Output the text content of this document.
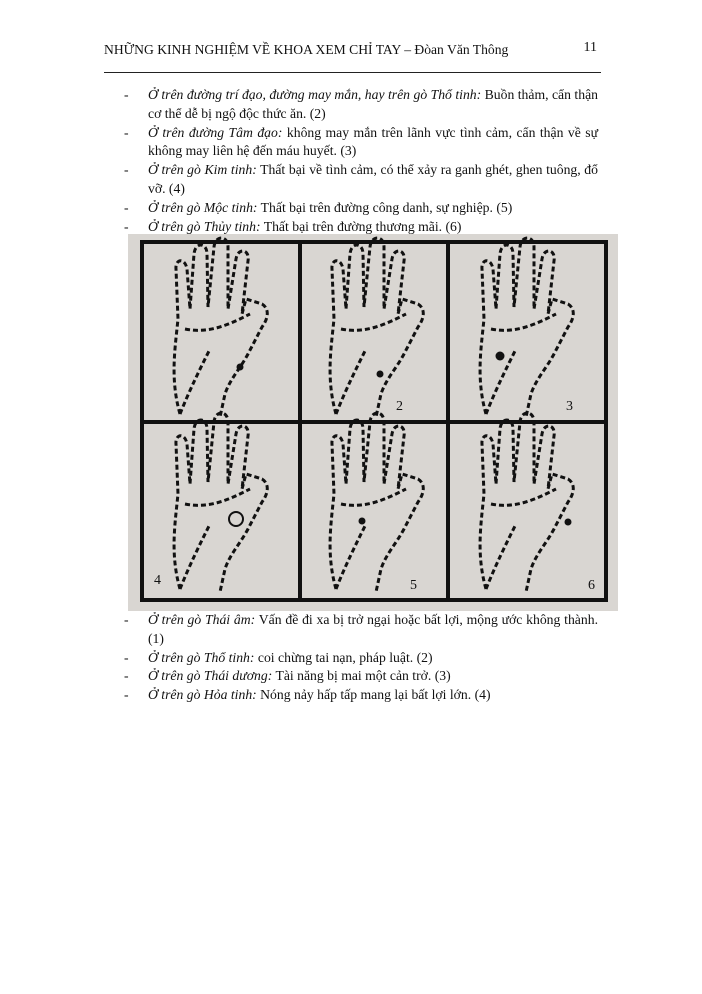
NHỮNG KINH NGHIỆM VỀ KHOA XEM CHỈ TAY – Đòan Văn Thông	11
- Ở trên đường trí đạo, đường may mắn, hay trên gò Thổ tinh: Buồn thảm, cẩn thận cơ thể dễ bị ngộ độc thức ăn. (2)
- Ở trên đường Tâm đạo: không may mắn trên lãnh vực tình cảm, cẩn thận về sự không may liên hệ đến máu huyết. (3)
- Ở trên gò Kim tinh: Thất bại về tình cảm, có thể xảy ra ganh ghét, ghen tuông, đổ vỡ. (4)
- Ở trên gò Mộc tinh: Thất bại trên đường công danh, sự nghiệp. (5)
- Ở trên gò Thủy tinh: Thất bại trên đường thương mãi. (6)
2	3
4	5	6
- Ở trên gò Thái âm: Vấn đề đi xa bị trở ngại hoặc bất lợi, mộng ước không thành. (1)
- Ở trên gò Thổ tinh: coi chừng tai nạn, pháp luật. (2)
- Ở trên gò Thái dương: Tài năng bị mai một cản trở. (3)
- Ở trên gò Hỏa tinh: Nóng nảy hấp tấp mang lại bất lợi lớn. (4)
